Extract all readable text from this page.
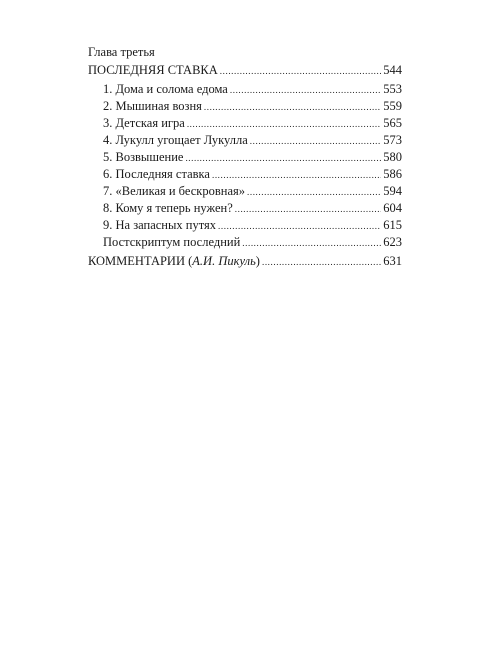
Глава третья
ПОСЛЕДНЯЯ СТАВКА .....	544
1. Дома и солома едома .....	553
2. Мышиная возня .....	559
3. Детская игра .....	565
4. Лукулл угощает Лукулла .....	573
5. Возвышение .....	580
6. Последняя ставка .....	586
7. «Великая и бескровная» .....	594
8. Кому я теперь нужен? .....	604
9. На запасных путях .....	615
Постскриптум последний .....	623
КОММЕНТАРИИ (А.И. Пикуль) .....	631
